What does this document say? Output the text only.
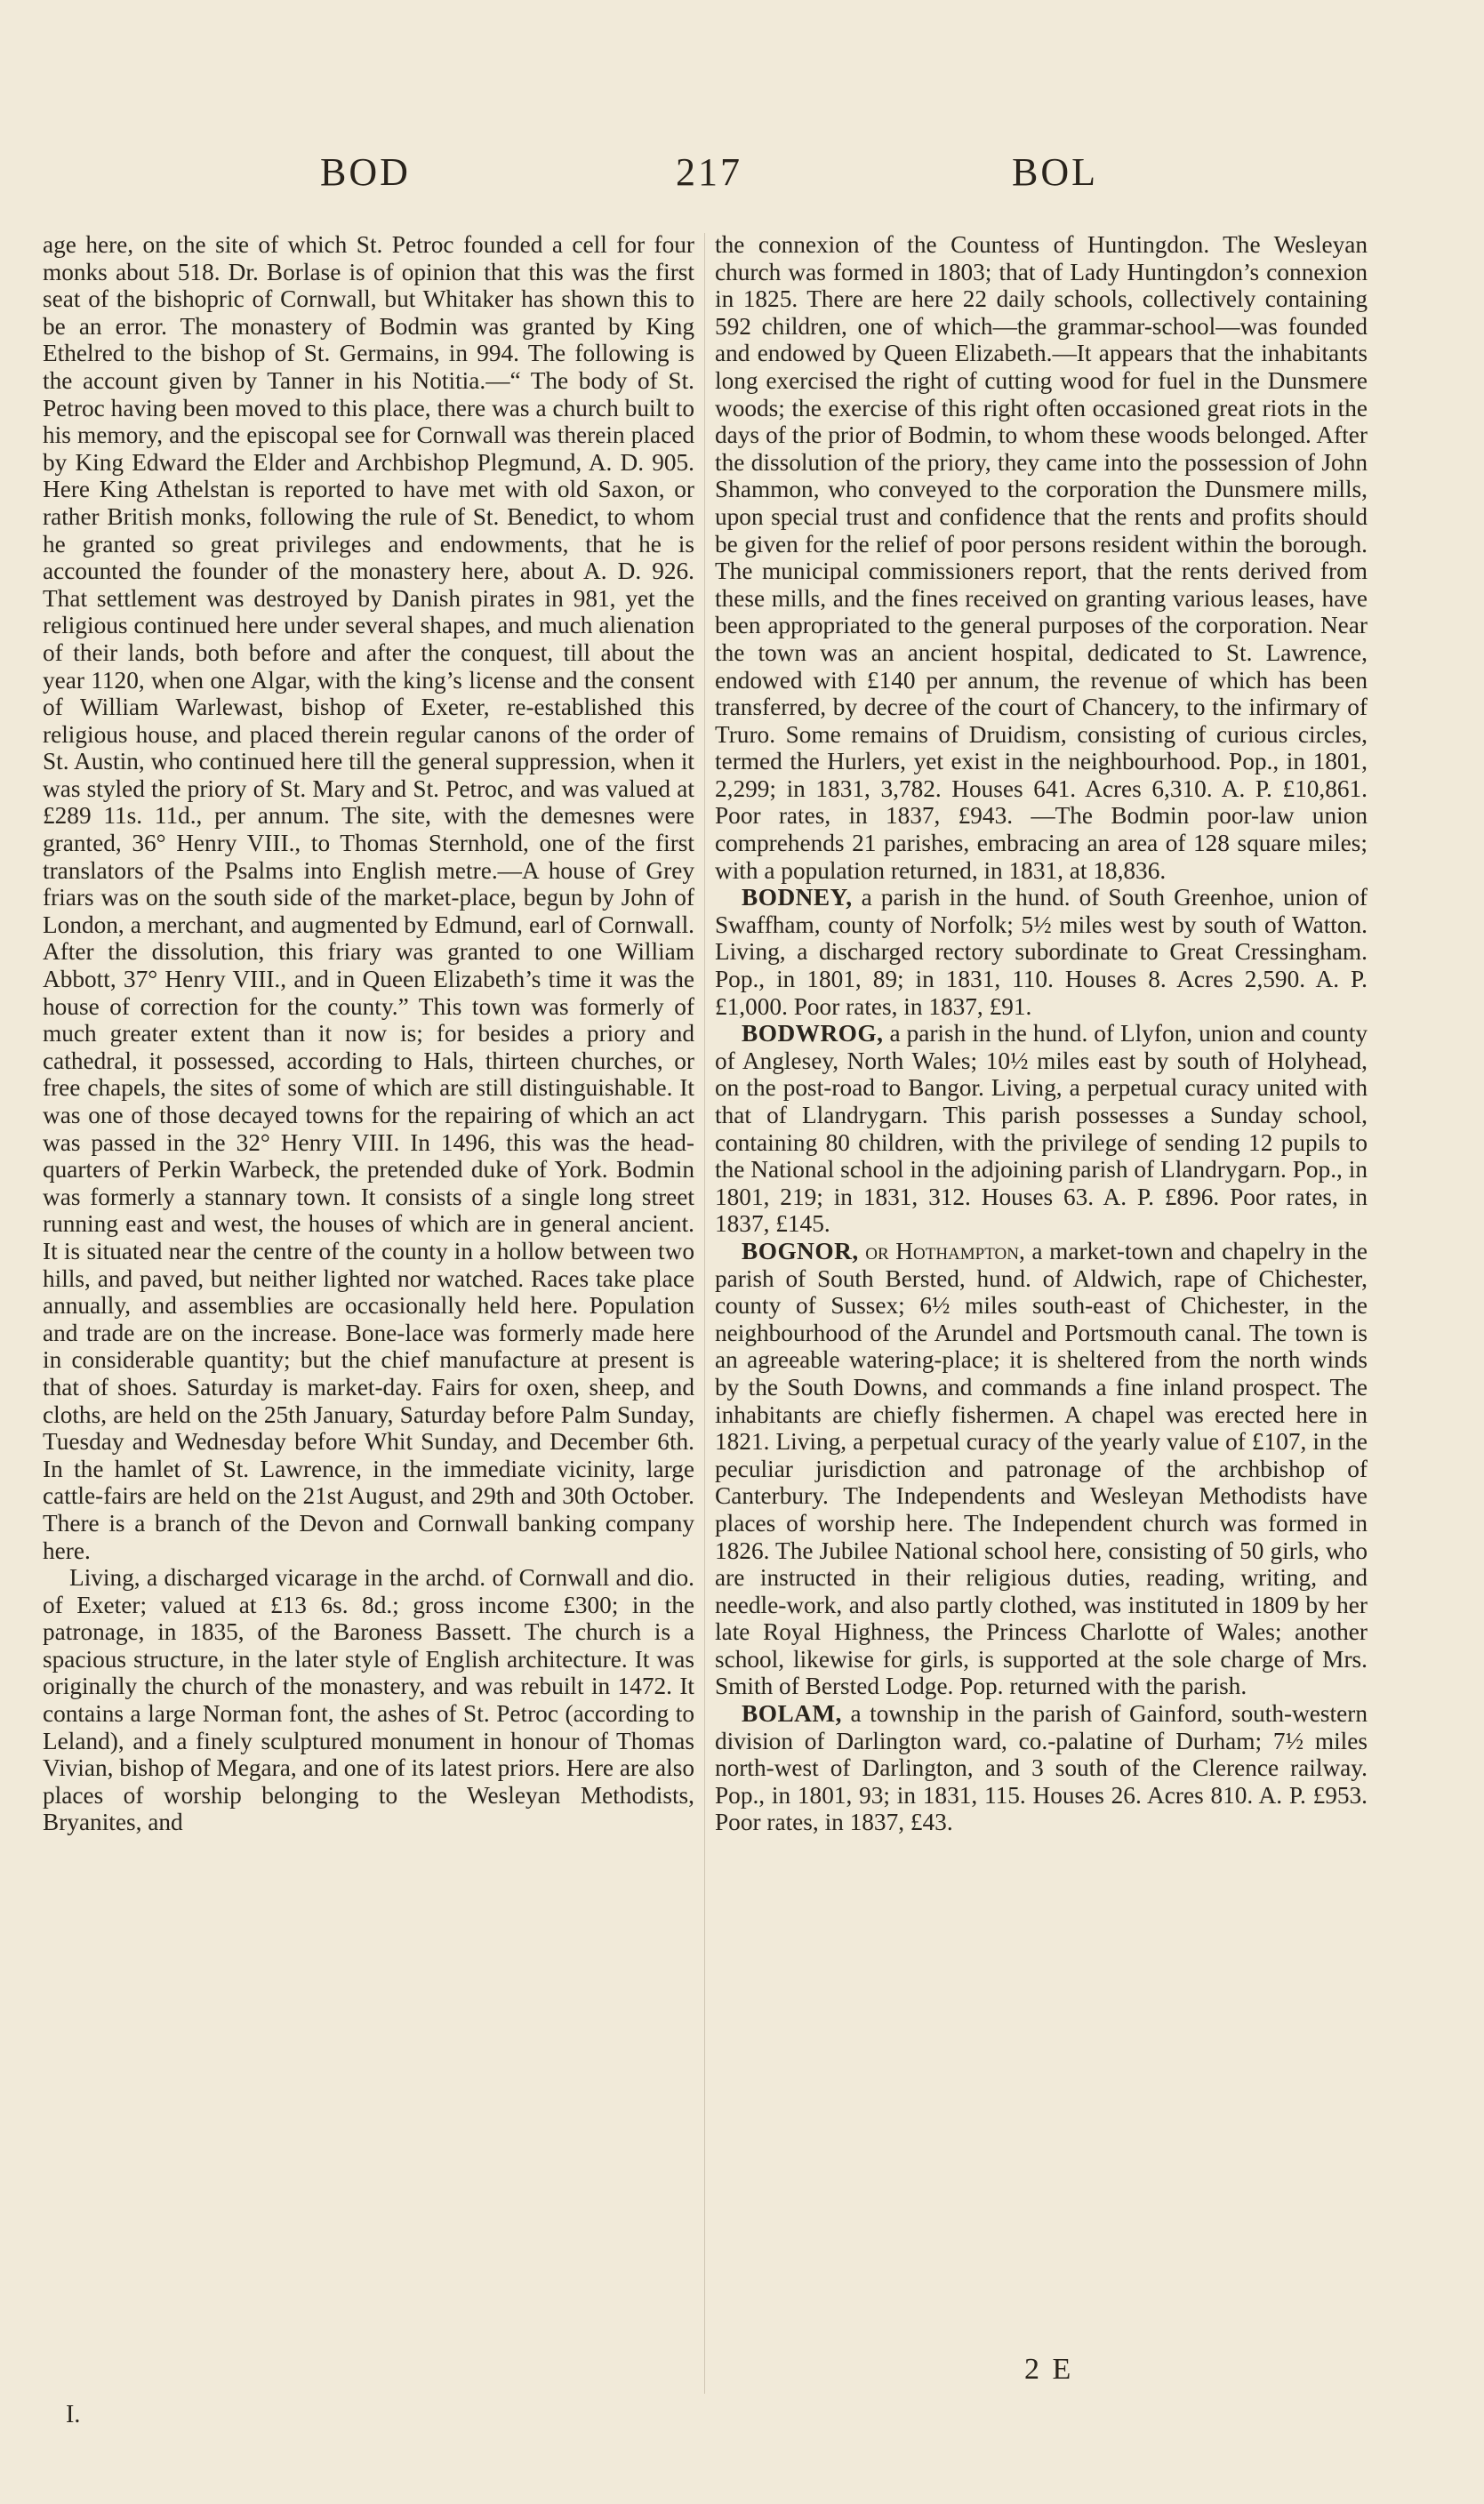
BOD	217	BOL

age here, on the site of which St. Petroc founded a cell for four monks about 518. Dr. Borlase is of opinion that this was the first seat of the bishopric of Cornwall, but Whitaker has shown this to be an error. The monastery of Bodmin was granted by King Ethelred to the bishop of St. Germains, in 994. The following is the account given by Tanner in his Notitia.—“ The body of St. Petroc having been moved to this place, there was a church built to his memory, and the episcopal see for Cornwall was therein placed by King Edward the Elder and Archbishop Plegmund, A. D. 905. Here King Athelstan is reported to have met with old Saxon, or rather British monks, following the rule of St. Benedict, to whom he granted so great privileges and endowments, that he is accounted the founder of the monastery here, about A. D. 926. That settlement was destroyed by Danish pirates in 981, yet the religious continued here under several shapes, and much alienation of their lands, both before and after the conquest, till about the year 1120, when one Algar, with the king’s license and the consent of William Warlewast, bishop of Exeter, re-established this religious house, and placed therein regular canons of the order of St. Austin, who continued here till the general suppression, when it was styled the priory of St. Mary and St. Petroc, and was valued at £289 11s. 11d., per annum. The site, with the demesnes were granted, 36° Henry VIII., to Thomas Sternhold, one of the first translators of the Psalms into English metre.—A house of Grey friars was on the south side of the market-place, begun by John of London, a merchant, and augmented by Edmund, earl of Cornwall. After the dissolution, this friary was granted to one William Abbott, 37° Henry VIII., and in Queen Elizabeth’s time it was the house of correction for the county.” This town was formerly of much greater extent than it now is; for besides a priory and cathedral, it possessed, according to Hals, thirteen churches, or free chapels, the sites of some of which are still distinguishable. It was one of those decayed towns for the repairing of which an act was passed in the 32° Henry VIII. In 1496, this was the head-quarters of Perkin Warbeck, the pretended duke of York. Bodmin was formerly a stannary town. It consists of a single long street running east and west, the houses of which are in general ancient. It is situated near the centre of the county in a hollow between two hills, and paved, but neither lighted nor watched. Races take place annually, and assemblies are occasionally held here. Population and trade are on the increase. Bone-lace was formerly made here in considerable quantity; but the chief manufacture at present is that of shoes. Saturday is market-day. Fairs for oxen, sheep, and cloths, are held on the 25th January, Saturday before Palm Sunday, Tuesday and Wednesday before Whit Sunday, and December 6th. In the hamlet of St. Lawrence, in the immediate vicinity, large cattle-fairs are held on the 21st August, and 29th and 30th October. There is a branch of the Devon and Cornwall banking company here.

Living, a discharged vicarage in the archd. of Cornwall and dio. of Exeter; valued at £13 6s. 8d.; gross income £300; in the patronage, in 1835, of the Baroness Bassett. The church is a spacious structure, in the later style of English architecture. It was originally the church of the monastery, and was rebuilt in 1472. It contains a large Norman font, the ashes of St. Petroc (according to Leland), and a finely sculptured monument in honour of Thomas Vivian, bishop of Megara, and one of its latest priors. Here are also places of worship belonging to the Wesleyan Methodists, Bryanites, and

the connexion of the Countess of Huntingdon. The Wesleyan church was formed in 1803; that of Lady Huntingdon’s connexion in 1825. There are here 22 daily schools, collectively containing 592 children, one of which—the grammar-school—was founded and endowed by Queen Elizabeth.—It appears that the inhabitants long exercised the right of cutting wood for fuel in the Dunsmere woods; the exercise of this right often occasioned great riots in the days of the prior of Bodmin, to whom these woods belonged. After the dissolution of the priory, they came into the possession of John Shammon, who conveyed to the corporation the Dunsmere mills, upon special trust and confidence that the rents and profits should be given for the relief of poor persons resident within the borough. The municipal commissioners report, that the rents derived from these mills, and the fines received on granting various leases, have been appropriated to the general purposes of the corporation. Near the town was an ancient hospital, dedicated to St. Lawrence, endowed with £140 per annum, the revenue of which has been transferred, by decree of the court of Chancery, to the infirmary of Truro. Some remains of Druidism, consisting of curious circles, termed the Hurlers, yet exist in the neighbourhood. Pop., in 1801, 2,299; in 1831, 3,782. Houses 641. Acres 6,310. A. P. £10,861. Poor rates, in 1837, £943. —The Bodmin poor-law union comprehends 21 parishes, embracing an area of 128 square miles; with a population returned, in 1831, at 18,836.

BODNEY, a parish in the hund. of South Greenhoe, union of Swaffham, county of Norfolk; 5½ miles west by south of Watton. Living, a discharged rectory subordinate to Great Cressingham. Pop., in 1801, 89; in 1831, 110. Houses 8. Acres 2,590. A. P. £1,000. Poor rates, in 1837, £91.

BODWROG, a parish in the hund. of Llyfon, union and county of Anglesey, North Wales; 10½ miles east by south of Holyhead, on the post-road to Bangor. Living, a perpetual curacy united with that of Llandrygarn. This parish possesses a Sunday school, containing 80 children, with the privilege of sending 12 pupils to the National school in the adjoining parish of Llandrygarn. Pop., in 1801, 219; in 1831, 312. Houses 63. A. P. £896. Poor rates, in 1837, £145.

BOGNOR, or Hothampton, a market-town and chapelry in the parish of South Bersted, hund. of Aldwich, rape of Chichester, county of Sussex; 6½ miles south-east of Chichester, in the neighbourhood of the Arundel and Portsmouth canal. The town is an agreeable watering-place; it is sheltered from the north winds by the South Downs, and commands a fine inland prospect. The inhabitants are chiefly fishermen. A chapel was erected here in 1821. Living, a perpetual curacy of the yearly value of £107, in the peculiar jurisdiction and patronage of the archbishop of Canterbury. The Independents and Wesleyan Methodists have places of worship here. The Independent church was formed in 1826. The Jubilee National school here, consisting of 50 girls, who are instructed in their religious duties, reading, writing, and needle-work, and also partly clothed, was instituted in 1809 by her late Royal Highness, the Princess Charlotte of Wales; another school, likewise for girls, is supported at the sole charge of Mrs. Smith of Bersted Lodge. Pop. returned with the parish.

BOLAM, a township in the parish of Gainford, south-western division of Darlington ward, co.-palatine of Durham; 7½ miles north-west of Darlington, and 3 south of the Clerence railway. Pop., in 1801, 93; in 1831, 115. Houses 26. Acres 810. A. P. £953. Poor rates, in 1837, £43.

I.
2 E
